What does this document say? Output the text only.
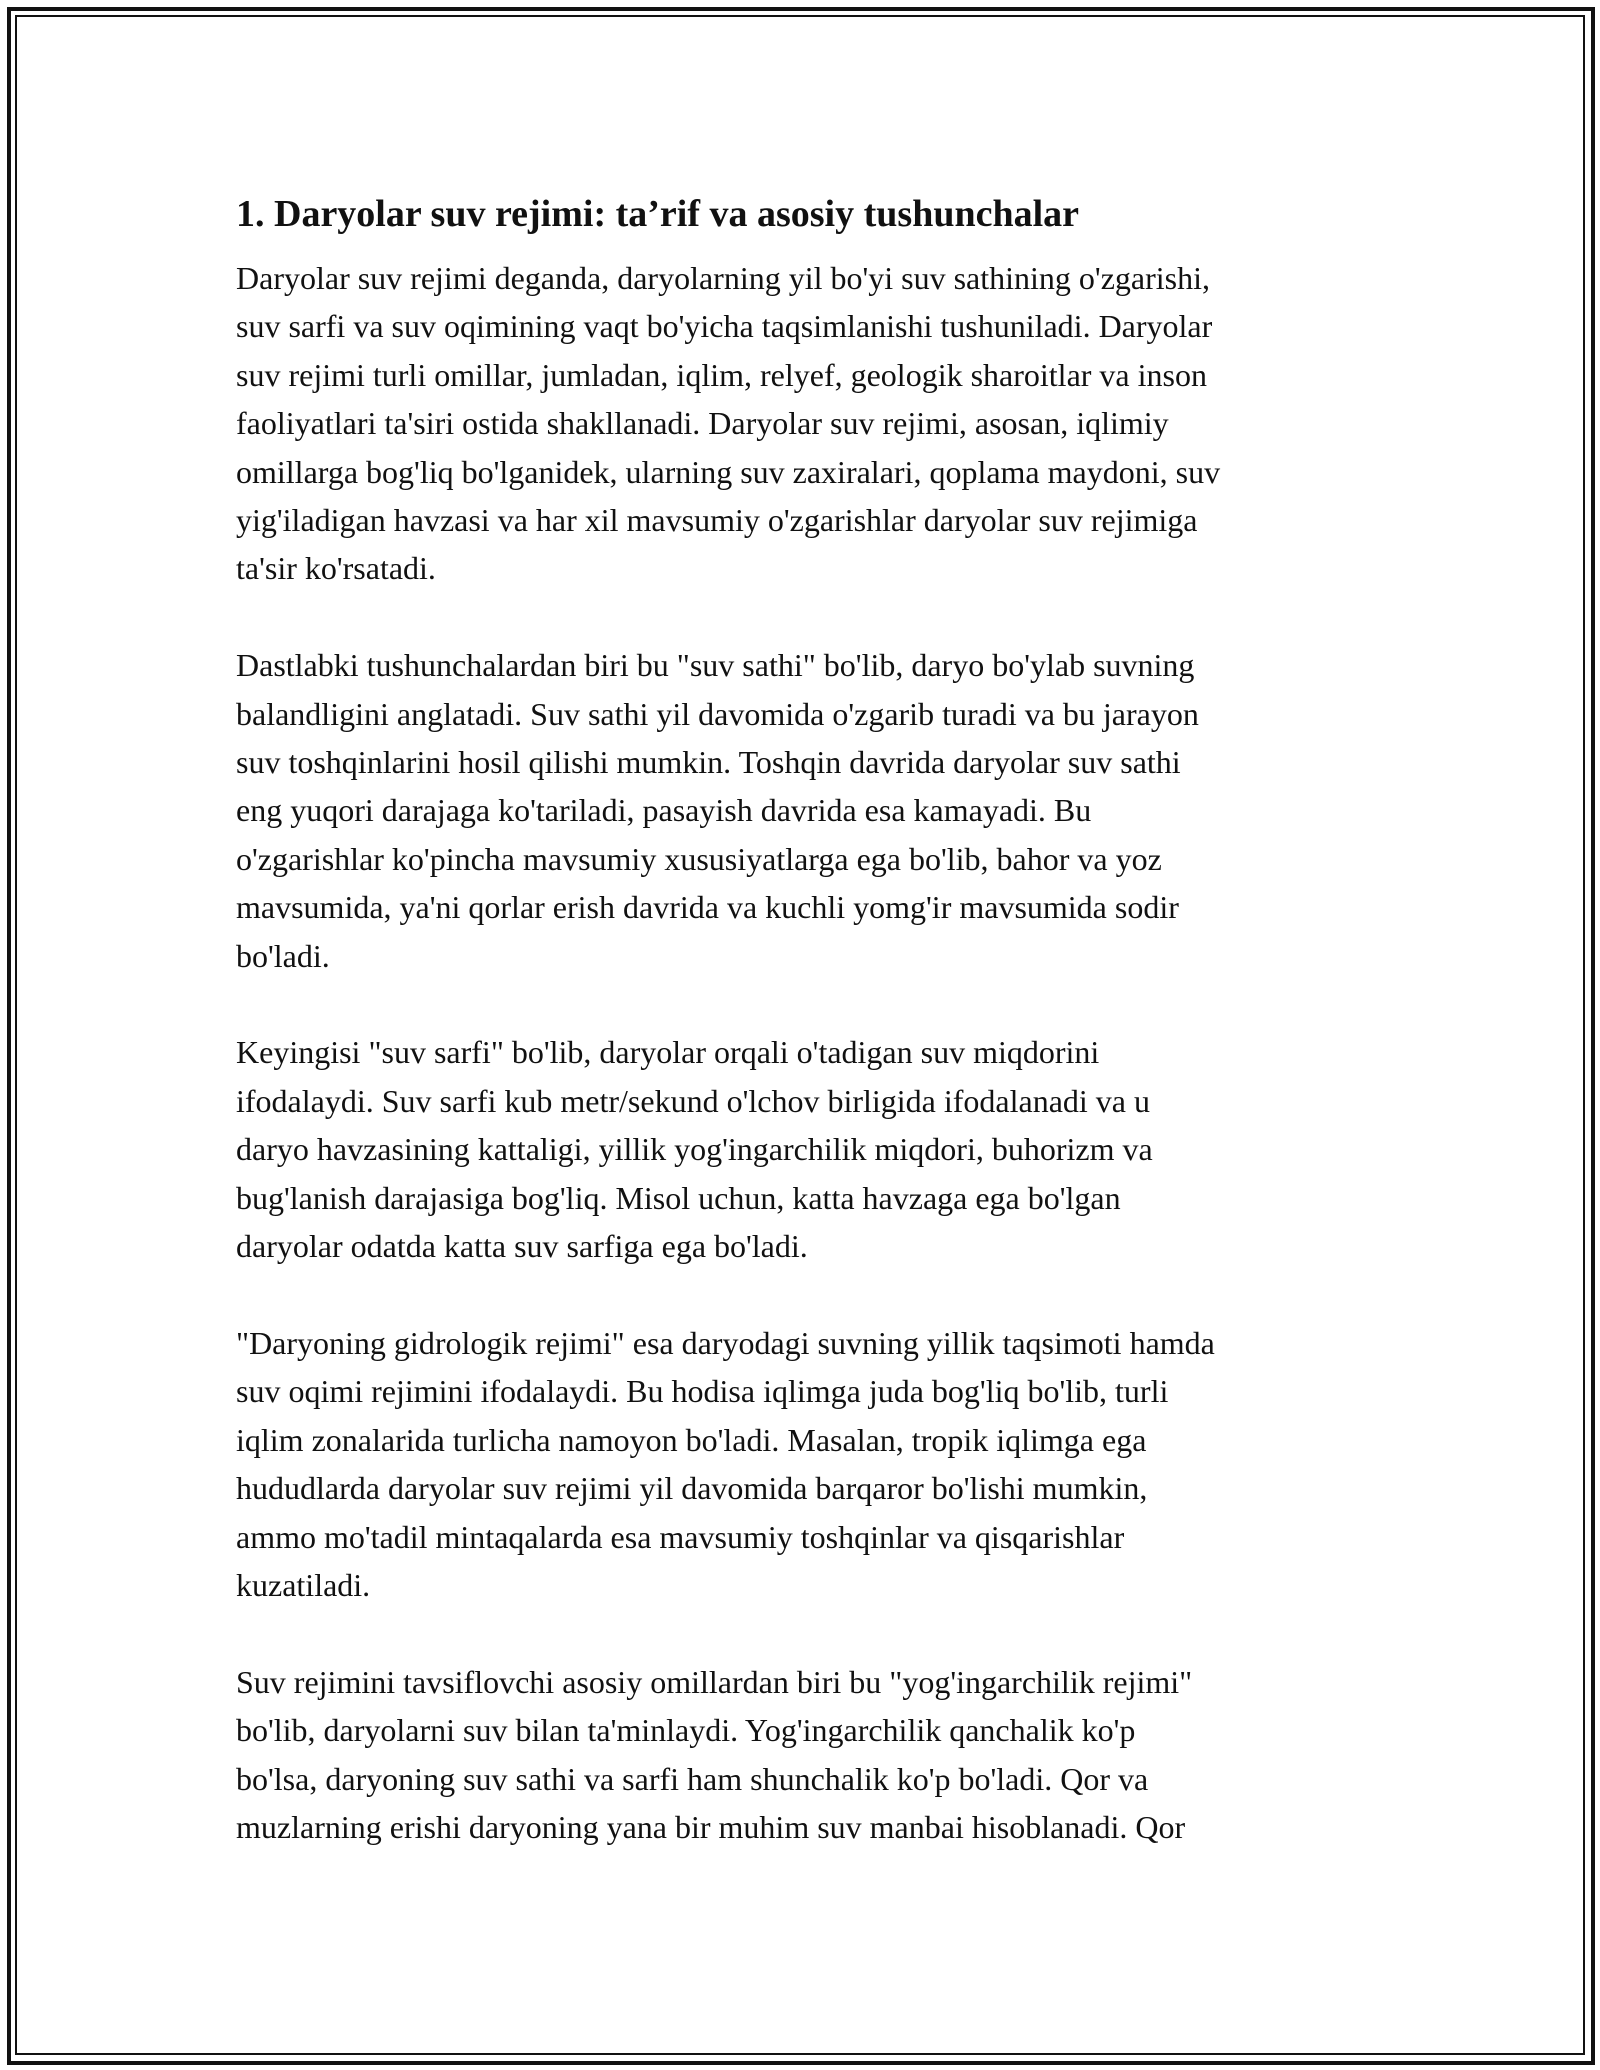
1. Daryolar suv rejimi: ta’rif va asosiy tushunchalar

Daryolar suv rejimi deganda, daryolarning yil bo'yi suv sathining o'zgarishi,
suv sarfi va suv oqimining vaqt bo'yicha taqsimlanishi tushuniladi. Daryolar
suv rejimi turli omillar, jumladan, iqlim, relyef, geologik sharoitlar va inson
faoliyatlari ta'siri ostida shakllanadi. Daryolar suv rejimi, asosan, iqlimiy
omillarga bog'liq bo'lganidek, ularning suv zaxiralari, qoplama maydoni, suv
yig'iladigan havzasi va har xil mavsumiy o'zgarishlar daryolar suv rejimiga
ta'sir ko'rsatadi.

Dastlabki tushunchalardan biri bu "suv sathi" bo'lib, daryo bo'ylab suvning
balandligini anglatadi. Suv sathi yil davomida o'zgarib turadi va bu jarayon
suv toshqinlarini hosil qilishi mumkin. Toshqin davrida daryolar suv sathi
eng yuqori darajaga ko'tariladi, pasayish davrida esa kamayadi. Bu
o'zgarishlar ko'pincha mavsumiy xususiyatlarga ega bo'lib, bahor va yoz
mavsumida, ya'ni qorlar erish davrida va kuchli yomg'ir mavsumida sodir
bo'ladi.

Keyingisi "suv sarfi" bo'lib, daryolar orqali o'tadigan suv miqdorini
ifodalaydi. Suv sarfi kub metr/sekund o'lchov birligida ifodalanadi va u
daryo havzasining kattaligi, yillik yog'ingarchilik miqdori, buhorizm va
bug'lanish darajasiga bog'liq. Misol uchun, katta havzaga ega bo'lgan
daryolar odatda katta suv sarfiga ega bo'ladi.

"Daryoning gidrologik rejimi" esa daryodagi suvning yillik taqsimoti hamda
suv oqimi rejimini ifodalaydi. Bu hodisa iqlimga juda bog'liq bo'lib, turli
iqlim zonalarida turlicha namoyon bo'ladi. Masalan, tropik iqlimga ega
hududlarda daryolar suv rejimi yil davomida barqaror bo'lishi mumkin,
ammo mo'tadil mintaqalarda esa mavsumiy toshqinlar va qisqarishlar
kuzatiladi.

Suv rejimini tavsiflovchi asosiy omillardan biri bu "yog'ingarchilik rejimi"
bo'lib, daryolarni suv bilan ta'minlaydi. Yog'ingarchilik qanchalik ko'p
bo'lsa, daryoning suv sathi va sarfi ham shunchalik ko'p bo'ladi. Qor va
muzlarning erishi daryoning yana bir muhim suv manbai hisoblanadi. Qor
